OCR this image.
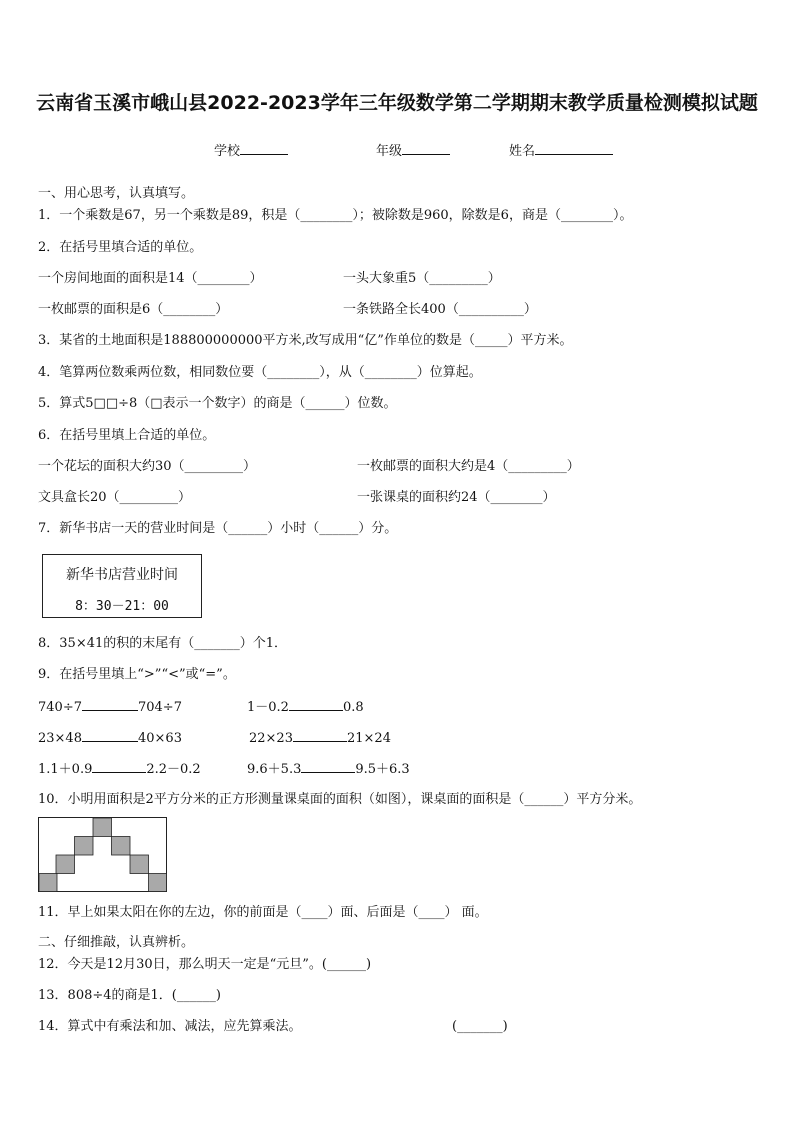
云南省玉溪市峨山县2022-2023学年三年级数学第二学期期末教学质量检测模拟试题
学校	年级	姓名
一、用心思考，认真填写。
1．一个乘数是67，另一个乘数是89，积是（________）；被除数是960，除数是6，商是（________）。
2．在括号里填合适的单位。
一个房间地面的面积是14（________）	一头大象重5（_________）
一枚邮票的面积是6（________）	一条铁路全长400（__________）
3．某省的土地面积是188800000000平方米,改写成用“亿”作单位的数是（_____）平方米。
4．笔算两位数乘两位数，相同数位要（________），从（________）位算起。
5．算式5□□÷8（□表示一个数字）的商是（______）位数。
6．在括号里填上合适的单位。
一个花坛的面积大约30（_________）	一枚邮票的面积大约是4（_________）
文具盒长20（_________）	一张课桌的面积约24（________）
7．新华书店一天的营业时间是（______）小时（______）分。
新华书店营业时间
8：30－21：00
8．35×41的积的末尾有（_______）个1．
9．在括号里填上“>”“<”或“=”。
740÷7	704÷7	1－0.2	0.8
23×48	40×63	22×23	21×24
1.1＋0.9	2.2－0.2	9.6＋5.3	9.5＋6.3
10．小明用面积是2平方分米的正方形测量课桌面的面积（如图），课桌面的面积是（______）平方分米。
11．早上如果太阳在你的左边，你的前面是（____）面、后面是（____） 面。
二、仔细推敲，认真辨析。
12．今天是12月30日，那么明天一定是“元旦”。(______)
13．808÷4的商是1．(______)
14．算式中有乘法和加、减法，应先算乘法。	(_______)
